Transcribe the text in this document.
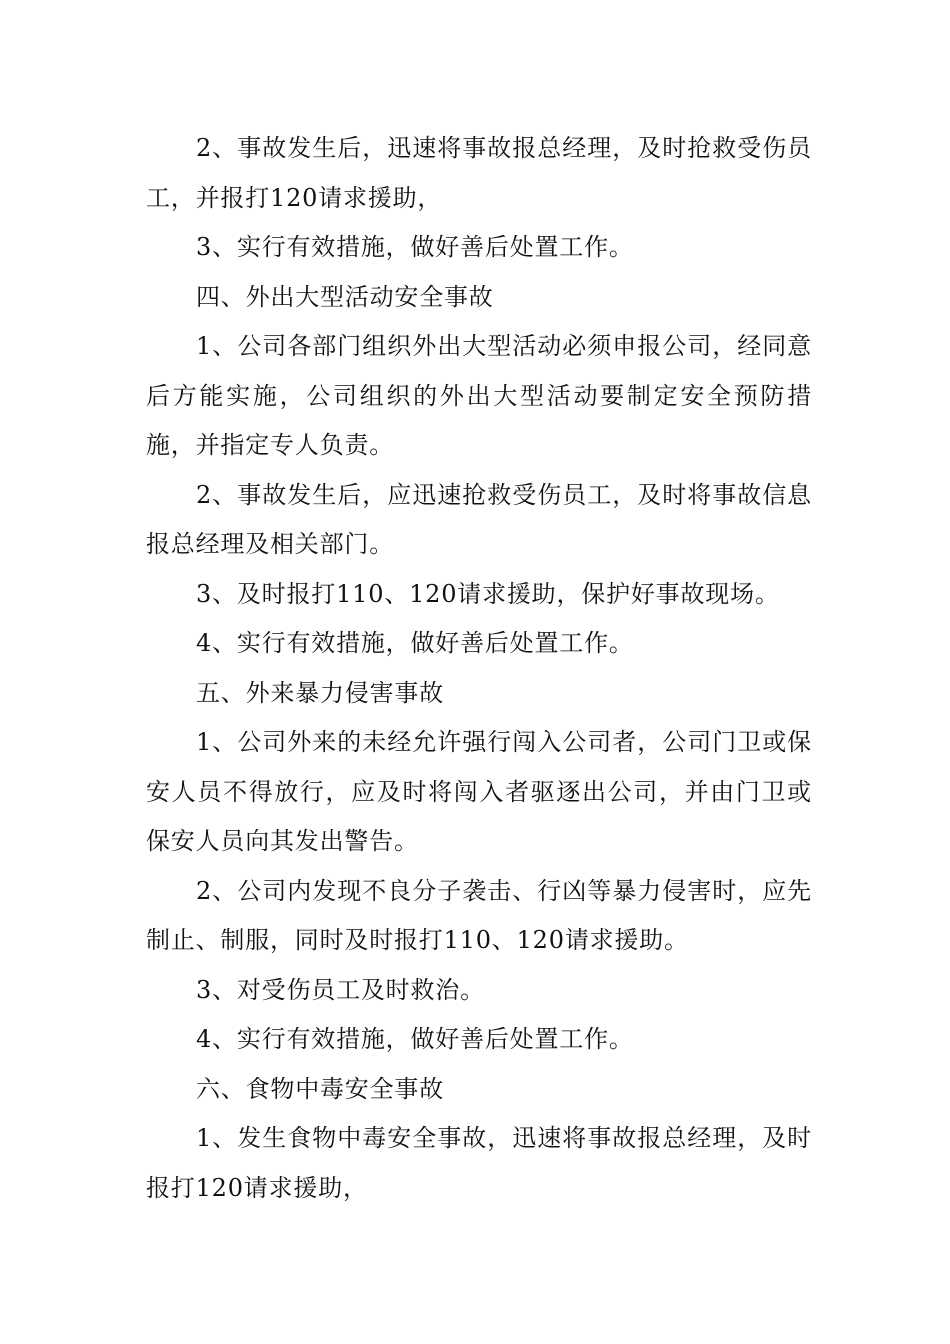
2、事故发生后，迅速将事故报总经理，及时抢救受伤员工，并报打120请求援助，

3、实行有效措施，做好善后处置工作。

四、外出大型活动安全事故

1、公司各部门组织外出大型活动必须申报公司，经同意后方能实施，公司组织的外出大型活动要制定安全预防措施，并指定专人负责。

2、事故发生后，应迅速抢救受伤员工，及时将事故信息报总经理及相关部门。

3、及时报打110、120请求援助，保护好事故现场。

4、实行有效措施，做好善后处置工作。

五、外来暴力侵害事故

1、公司外来的未经允许强行闯入公司者，公司门卫或保安人员不得放行，应及时将闯入者驱逐出公司，并由门卫或保安人员向其发出警告。

2、公司内发现不良分子袭击、行凶等暴力侵害时，应先制止、制服，同时及时报打110、120请求援助。

3、对受伤员工及时救治。

4、实行有效措施，做好善后处置工作。

六、食物中毒安全事故

1、发生食物中毒安全事故，迅速将事故报总经理，及时报打120请求援助，
